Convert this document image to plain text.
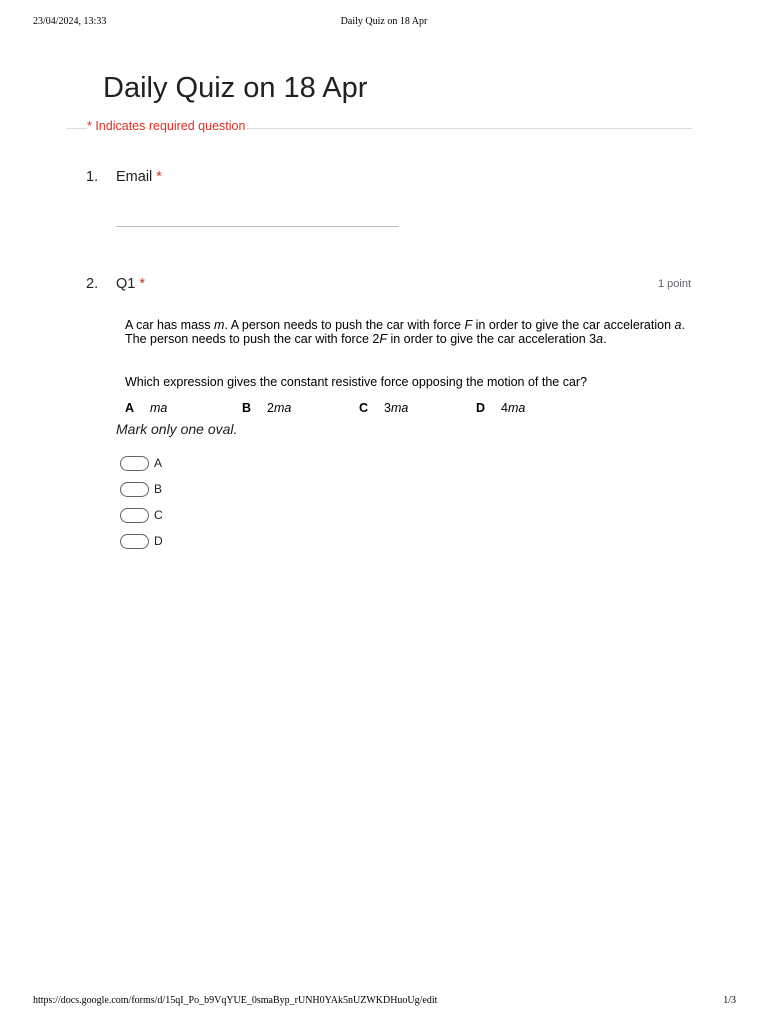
23/04/2024, 13:33	Daily Quiz on 18 Apr
Daily Quiz on 18 Apr
* Indicates required question
1. Email *
2. Q1 *	1 point
A car has mass m. A person needs to push the car with force F in order to give the car acceleration a. The person needs to push the car with force 2F in order to give the car acceleration 3a.
Which expression gives the constant resistive force opposing the motion of the car?
A ma	B 2ma	C 3ma	D 4ma
Mark only one oval.
A
B
C
D
https://docs.google.com/forms/d/15qI_Po_b9VqYUE_0smaByp_rUNH0YAk5nUZWKDHuoUg/edit	1/3
